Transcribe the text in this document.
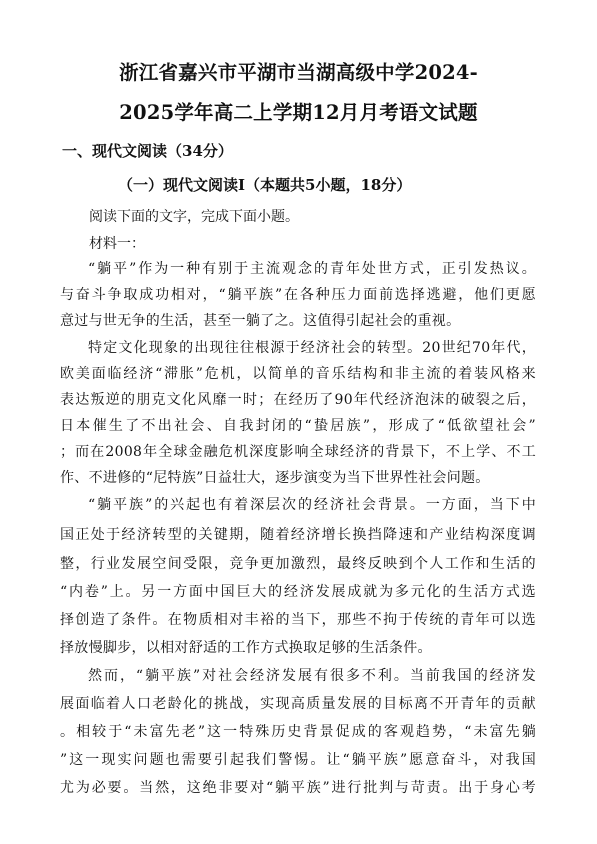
浙江省嘉兴市平湖市当湖高级中学2024-
2025学年高二上学期12月月考语文试题
一、现代文阅读（34分）
（一）现代文阅读I（本题共5小题，18分）
阅读下面的文字，完成下面小题。
材料一：
“躺平”作为一种有别于主流观念的青年处世方式，正引发热议。
与奋斗争取成功相对，“躺平族”在各种压力面前选择逃避，他们更愿
意过与世无争的生活，甚至一躺了之。这值得引起社会的重视。
特定文化现象的出现往往根源于经济社会的转型。20世纪70年代，
欧美面临经济“滞胀”危机，以简单的音乐结构和非主流的着装风格来
表达叛逆的朋克文化风靡一时；在经历了90年代经济泡沫的破裂之后，
日本催生了不出社会、自我封闭的“蛰居族”，形成了“低欲望社会”
；而在2008年全球金融危机深度影响全球经济的背景下，不上学、不工
作、不进修的“尼特族”日益壮大，逐步演变为当下世界性社会问题。
“躺平族”的兴起也有着深层次的经济社会背景。一方面，当下中
国正处于经济转型的关键期，随着经济增长换挡降速和产业结构深度调
整，行业发展空间受限，竞争更加激烈，最终反映到个人工作和生活的
“内卷”上。另一方面中国巨大的经济发展成就为多元化的生活方式选
择创造了条件。在物质相对丰裕的当下，那些不拘于传统的青年可以选
择放慢脚步，以相对舒适的工作方式换取足够的生活条件。
然而，“躺平族”对社会经济发展有很多不利。当前我国的经济发
展面临着人口老龄化的挑战，实现高质量发展的目标离不开青年的贡献
。相较于“未富先老”这一特殊历史背景促成的客观趋势，“未富先躺
”这一现实问题也需要引起我们警惕。让“躺平族”愿意奋斗，对我国
尤为必要。当然，这绝非要对“躺平族”进行批判与苛责。出于身心考
